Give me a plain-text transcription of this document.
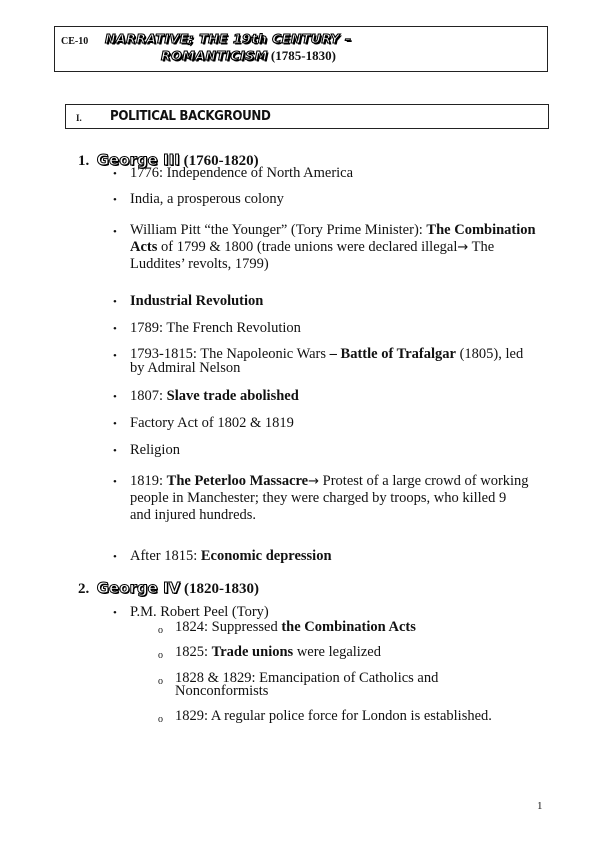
CE-10 NARRATIVE; THE 19th CENTURY –
ROMANTICISM (1785-1830)
I. POLITICAL BACKGROUND
1. George III (1760-1820)
• 1776: Independence of North America
• India, a prosperous colony
• William Pitt “the Younger” (Tory Prime Minister): The Combination Acts of 1799 & 1800 (trade unions were declared illegal→ The Luddites’ revolts, 1799)
• Industrial Revolution
• 1789: The French Revolution
• 1793-1815: The Napoleonic Wars – Battle of Trafalgar (1805), led by Admiral Nelson
• 1807: Slave trade abolished
• Factory Act of 1802 & 1819
• Religion
• 1819: The Peterloo Massacre→ Protest of a large crowd of working people in Manchester; they were charged by troops, who killed 9 and injured hundreds.
• After 1815: Economic depression
2. George IV (1820-1830)
• P.M. Robert Peel (Tory)
o 1824: Suppressed the Combination Acts
o 1825: Trade unions were legalized
o 1828 & 1829: Emancipation of Catholics and Nonconformists
o 1829: A regular police force for London is established.
1
